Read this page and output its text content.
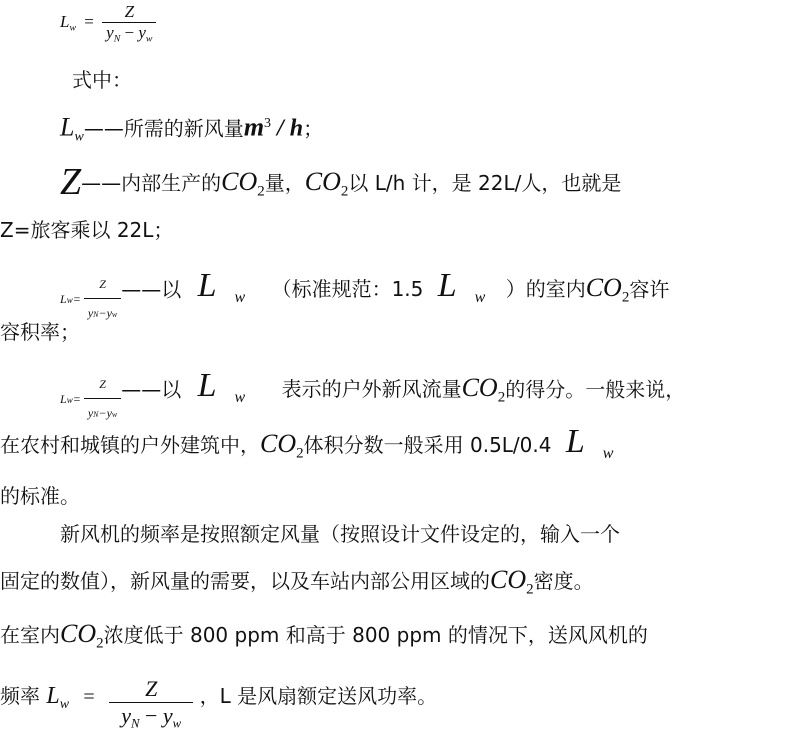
$L_w = \frac{Z}{y_N - y_w}$
式中：
$L_w——$所需的新风量$m^3$ / h；
Z——内部生产的$CO_2$量，$CO_2$以 L/h 计，是 22L/人，也就是
Z=旅客乘以 22L；
$Lw= \frac{Z}{yN-yw}$ ——以 L $_w$ （标准规范：1.5 L $_w$ ）的室内$CO_2$容许
容积率；
$Lw= \frac{Z}{yN-yw}$ ——以 L $_w$ 表示的户外新风流量$CO_2$的得分。一般来说，
在农村和城镇的户外建筑中，$CO_2$体积分数一般采用 0.5L/0.4 L $_w$
的标准。
新风机的频率是按照额定风量（按照设计文件设定的，输入一个
固定的数值），新风量的需要，以及车站内部公用区域的$CO_2$密度。
在室内$CO_2$浓度低于 800 ppm 和高于 800 ppm 的情况下，送风风机的
频率 $L_w = \frac{Z}{y_N - y_w}$ ，L 是风扇额定送风功率。
